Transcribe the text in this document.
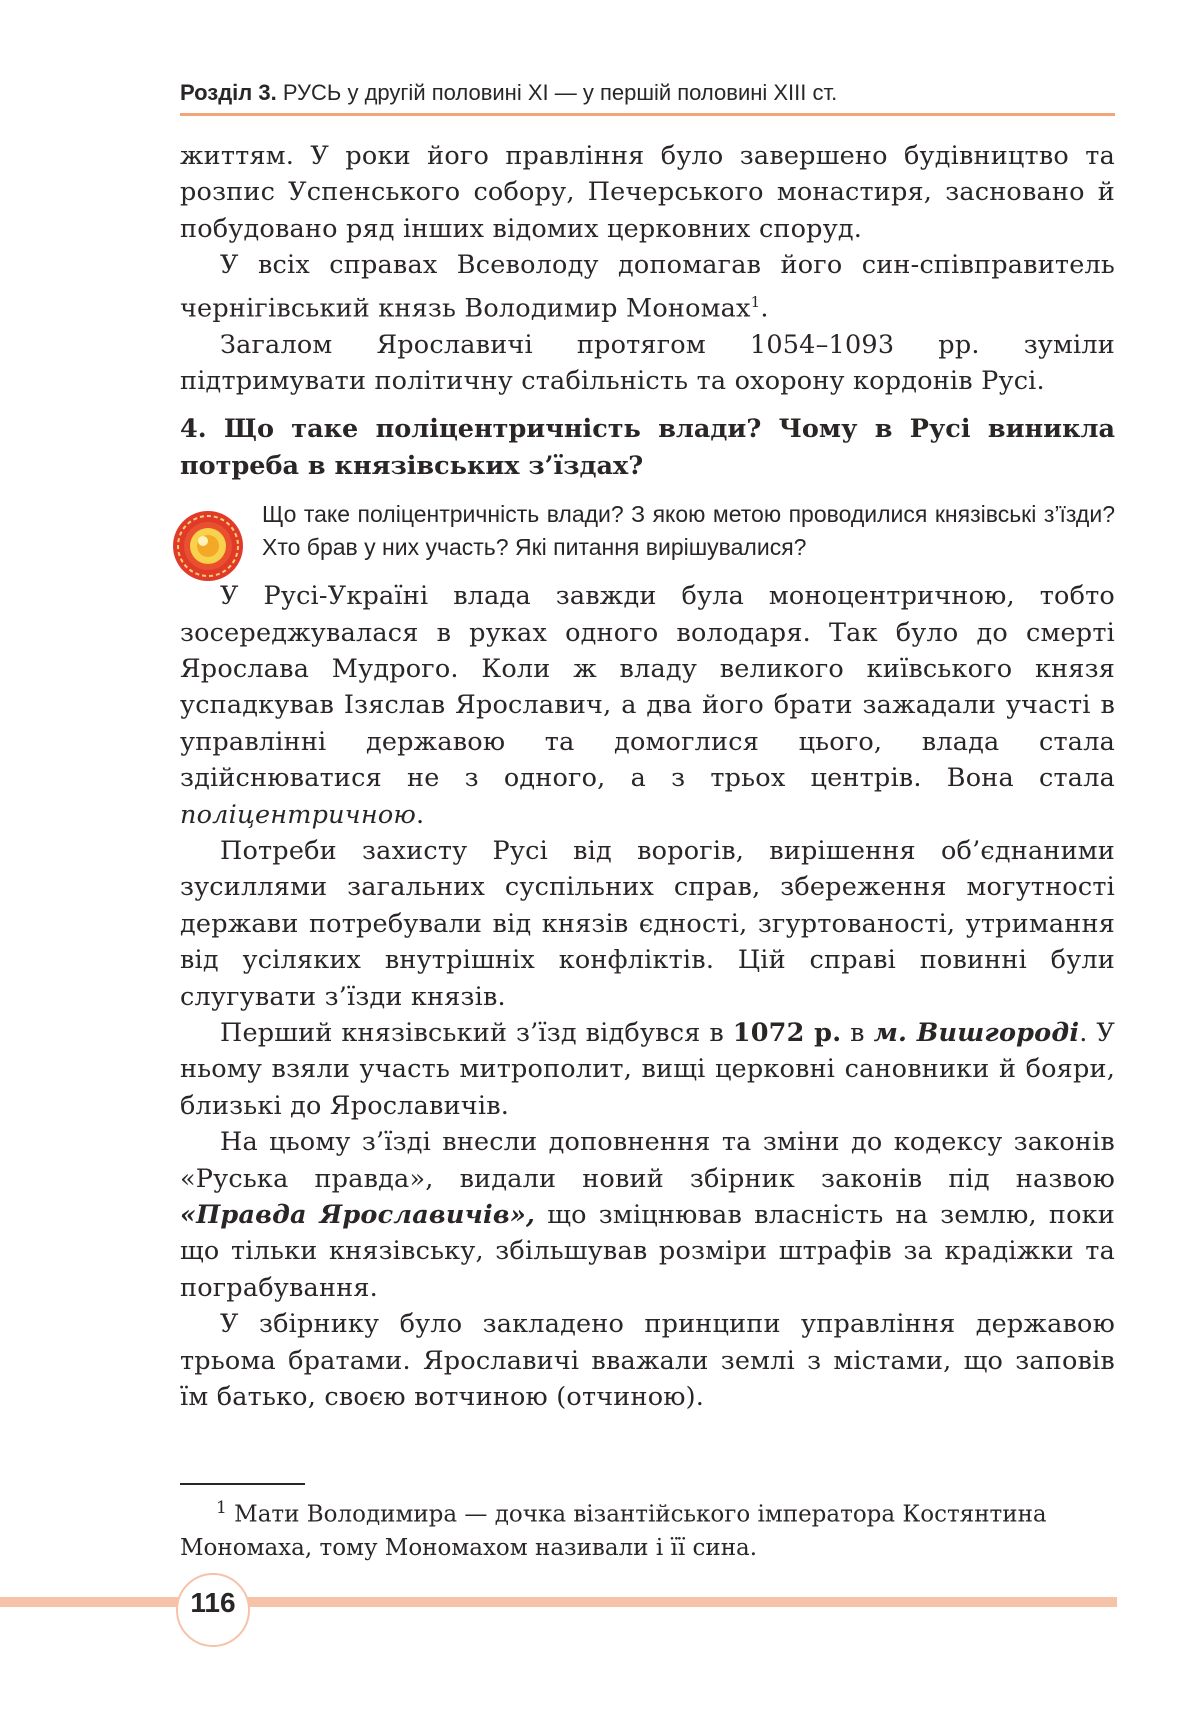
Розділ 3. РУСЬ у другій половині XI — у першій половині XIII ст.

життям. У роки його правління було завершено будівництво та розпис Успенського собору, Печерського монастиря, засновано й побудовано ряд інших відомих церковних споруд.

У всіх справах Всеволоду допомагав його син-співправитель чернігівський князь Володимир Мономах$^1$.

Загалом Ярославичі протягом 1054–1093 рр. зуміли підтримувати політичну стабільність та охорону кордонів Русі.

4. Що таке поліцентричність влади? Чому в Русі виникла потреба в князівських з’їздах?

Що таке поліцентричність влади? З якою метою проводилися князівські з’їзди? Хто брав у них участь? Які питання вирішувалися?

У Русі-Україні влада завжди була моноцентричною, тобто зосереджувалася в руках одного володаря. Так було до смерті Ярослава Мудрого. Коли ж владу великого київського князя успадкував Ізяслав Ярославич, а два його брати зажадали участі в управлінні державою та домоглися цього, влада стала здійснюватися не з одного, а з трьох центрів. Вона стала поліцентричною.

Потреби захисту Русі від ворогів, вирішення об’єднаними зусиллями загальних суспільних справ, збереження могутності держави потребували від князів єдності, згуртованості, утримання від усіляких внутрішніх конфліктів. Цій справі повинні були слугувати з’їзди князів.

Перший князівський з’їзд відбувся в 1072 р. в м. Вишгороді. У ньому взяли участь митрополит, вищі церковні сановники й бояри, близькі до Ярославичів.

На цьому з’їзді внесли доповнення та зміни до кодексу законів «Руська правда», видали новий збірник законів під назвою «Правда Ярославичів», що зміцнював власність на землю, поки що тільки князівську, збільшував розміри штрафів за крадіжки та пограбування.

У збірнику було закладено принципи управління державою трьома братами. Ярославичі вважали землі з містами, що заповів їм батько, своєю вотчиною (отчиною).

$^1$ Мати Володимира — дочка візантійського імператора Костянтина Мономаха, тому Мономахом називали і її сина.
116
